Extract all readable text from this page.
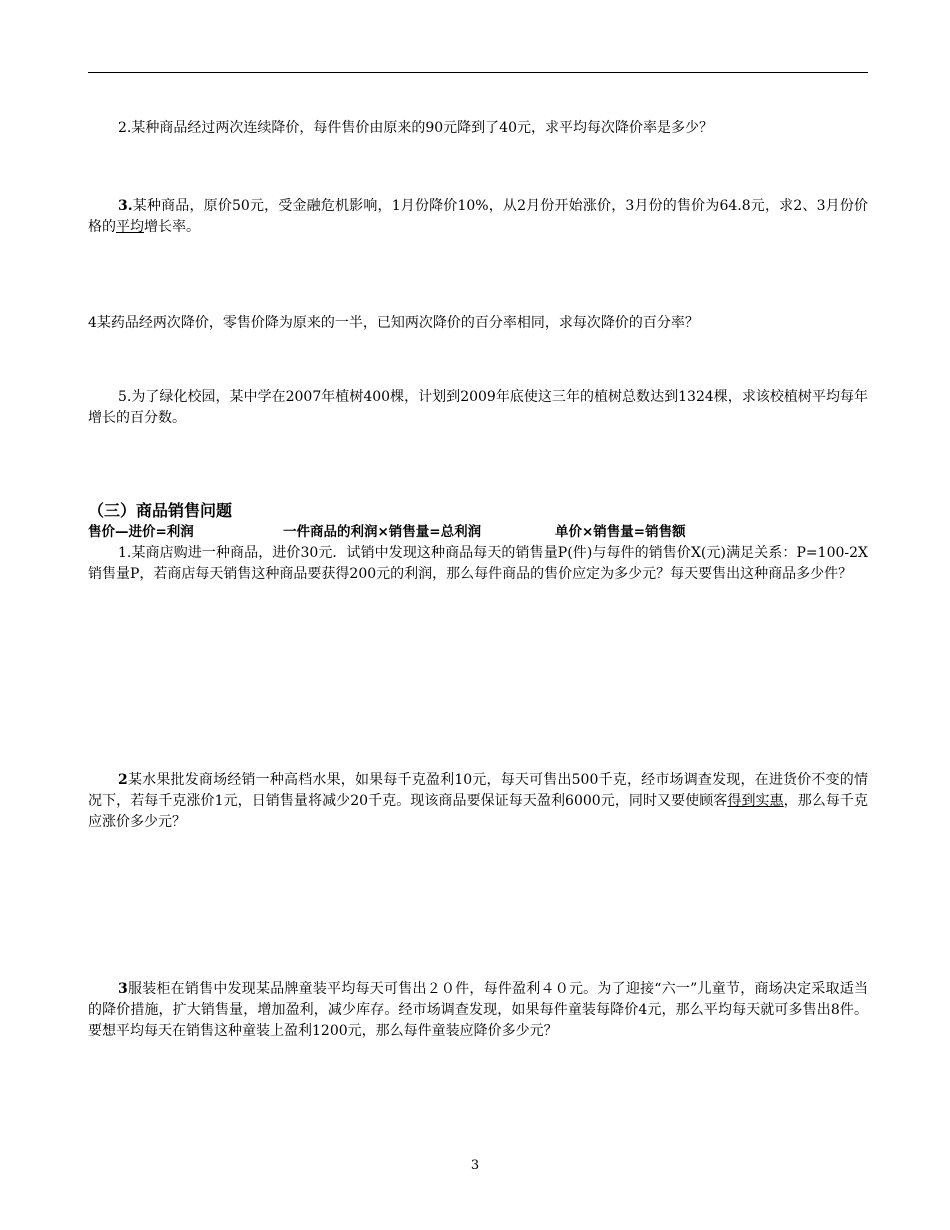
2.某种商品经过两次连续降价，每件售价由原来的90元降到了40元，求平均每次降价率是多少？

3.某种商品，原价50元，受金融危机影响，1月份降价10%，从2月份开始涨价，3月份的售价为64.8元，求2、3月份价格的平均增长率。

4某药品经两次降价，零售价降为原来的一半，已知两次降价的百分率相同，求每次降价的百分率？

5.为了绿化校园，某中学在2007年植树400棵，计划到2009年底使这三年的植树总数达到1324棵，求该校植树平均每年增长的百分数。

（三）商品销售问题
售价—进价=利润	一件商品的利润×销售量=总利润	单价×销售量=销售额

1.某商店购进一种商品，进价30元．试销中发现这种商品每天的销售量P(件)与每件的销售价X(元)满足关系：P=100-2X销售量P，若商店每天销售这种商品要获得200元的利润，那么每件商品的售价应定为多少元？每天要售出这种商品多少件？

2某水果批发商场经销一种高档水果，如果每千克盈利10元，每天可售出500千克，经市场调查发现，在进货价不变的情况下，若每千克涨价1元，日销售量将减少20千克。现该商品要保证每天盈利6000元，同时又要使顾客得到实惠，那么每千克应涨价多少元？

3服装柜在销售中发现某品牌童装平均每天可售出２０件，每件盈利４０元。为了迎接“六一”儿童节，商场决定采取适当的降价措施，扩大销售量，增加盈利，减少库存。经市场调查发现，如果每件童装每降价4元，那么平均每天就可多售出8件。要想平均每天在销售这种童装上盈利1200元，那么每件童装应降价多少元？

3
